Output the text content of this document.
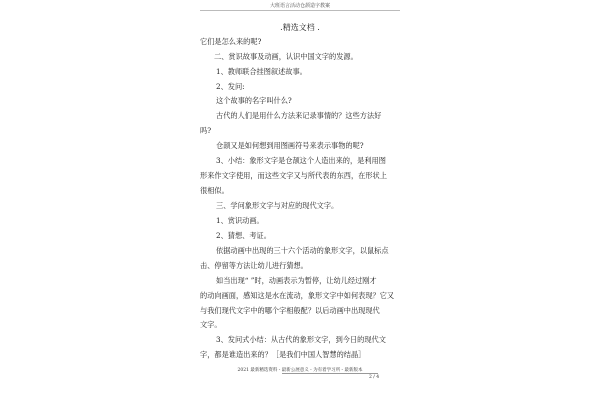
大班语言活动仓颉造字教案
.精选文档 .
它们是怎么来的呢?
二、赏识故事及动画，认识中国文字的发源。
1、教师联合挂图叙述故事。
2、发问:
这个故事的名字叫什么?
古代的人们是用什么方法来记录事情的？这些方法好
吗?
仓颉又是如何想到用图画符号来表示事物的呢?
3、小结：象形文字是仓颉这个人造出来的，是利用图
形来作文字使用，而这些文字又与所代表的东西，在形状上
很相似。
三、学问象形文字与对应的现代文字。
1、赏识动画。
2、猜想、考证。
依据动画中出现的三十六个活动的象形文字，以鼠标点
击、停留等方法让幼儿进行猜想。
如当出现“ ”时，动画表示为暂停，让幼儿经过刚才
的动向画面，感知这是水在流动，象形文字中如何表现？它又
与我们现代文字中的哪个字相般配？以后动画中出现现代
文字。
3、发问式小结：从古代的象形文字，到今日的现代文
字，都是谁造出来的？［是我们中国人智慧的结晶］
2021 最新精选资料 - 最新公展意义 - 为有着学习所 - 最新版本
2 / 4
